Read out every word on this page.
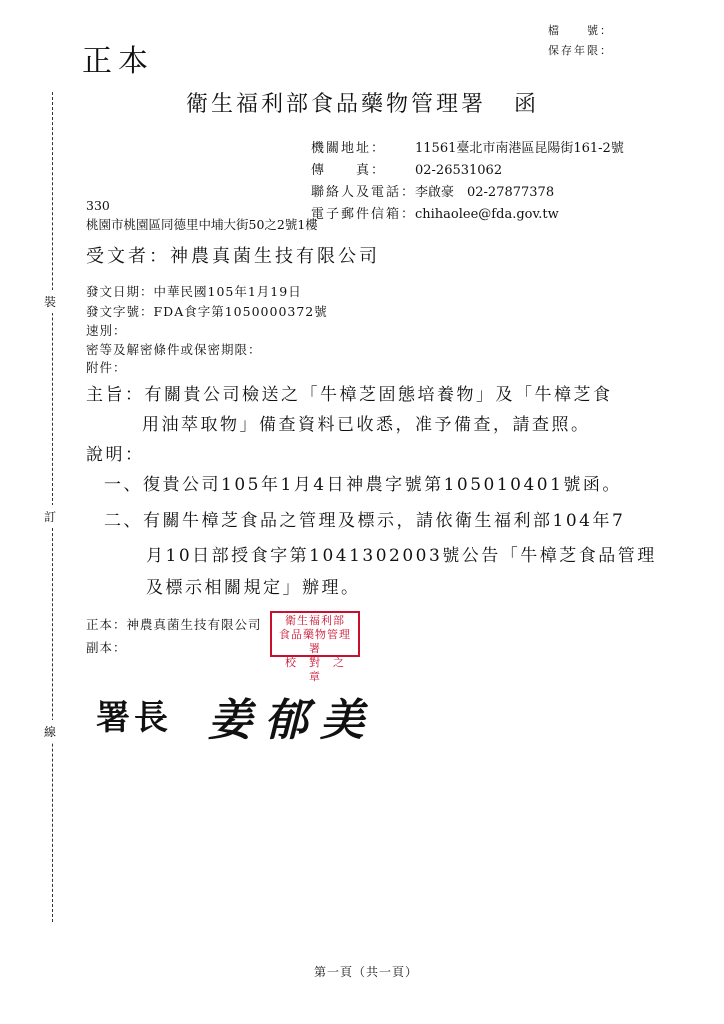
裝
訂
線
正本
檔　　號：
保存年限：
衛生福利部食品藥物管理署 函
機關地址： 11561臺北市南港區昆陽街161-2號
傳　　真： 02-26531062
聯絡人及電話：李啟豪　02-27877378
電子郵件信箱：chihaolee@fda.gov.tw
330
桃園市桃園區同德里中埔大街50之2號1樓
受文者：神農真菌生技有限公司
發文日期：中華民國105年1月19日
發文字號：FDA食字第1050000372號
速別：
密等及解密條件或保密期限：
附件：
主旨：有關貴公司檢送之「牛樟芝固態培養物」及「牛樟芝食
用油萃取物」備查資料已收悉，准予備查，請查照。
說明：
一、復貴公司105年1月4日神農字號第105010401號函。
二、有關牛樟芝食品之管理及標示，請依衛生福利部104年7
月10日部授食字第1041302003號公告「牛樟芝食品管理
及標示相關規定」辦理。
正本：神農真菌生技有限公司
副本：
衛生福利部
食品藥物管理署
校　對　之　章
署長 姜郁美
第一頁（共一頁）
